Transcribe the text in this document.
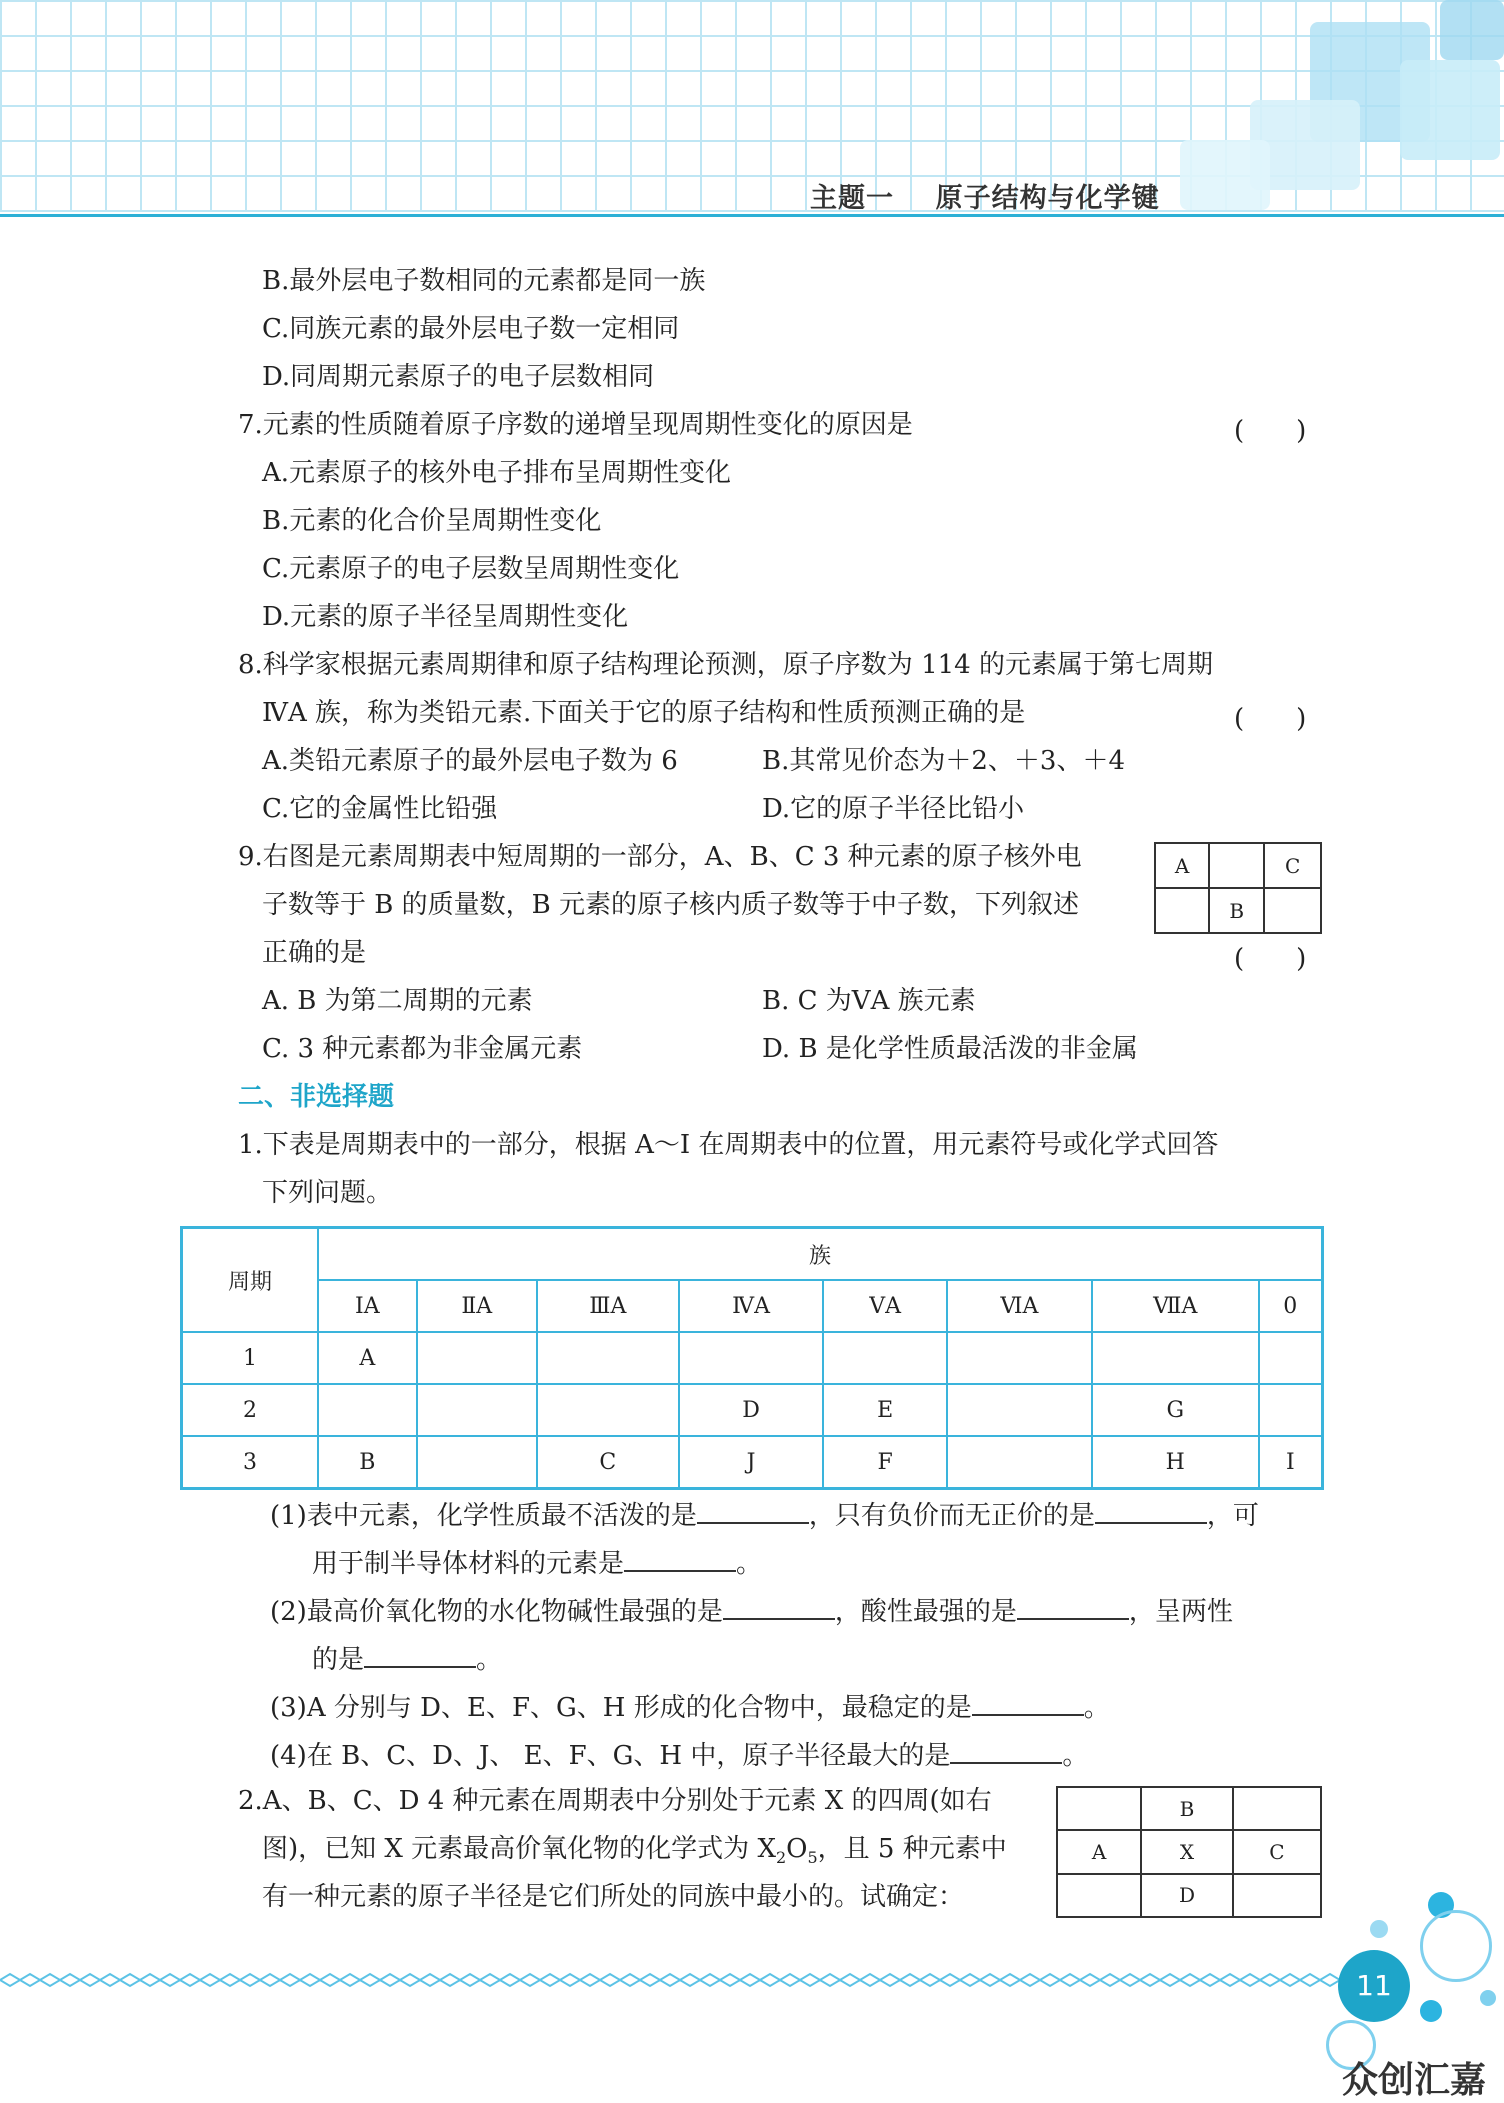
主题一 原子结构与化学键
B.最外层电子数相同的元素都是同一族
C.同族元素的最外层电子数一定相同
D.同周期元素原子的电子层数相同
7.元素的性质随着原子序数的递增呈现周期性变化的原因是	(　　)
A.元素原子的核外电子排布呈周期性变化
B.元素的化合价呈周期性变化
C.元素原子的电子层数呈周期性变化
D.元素的原子半径呈周期性变化
8.科学家根据元素周期律和原子结构理论预测，原子序数为 114 的元素属于第七周期
ⅣA 族，称为类铅元素.下面关于它的原子结构和性质预测正确的是	(　　)
A.类铅元素原子的最外层电子数为 6	B.其常见价态为＋2、＋3、＋4
C.它的金属性比铅强	D.它的原子半径比铅小
9.右图是元素周期表中短周期的一部分，A、B、C 3 种元素的原子核外电
子数等于 B 的质量数，B 元素的原子核内质子数等于中子数，下列叙述
正确的是	(　　)
A		C
	B	
A. B 为第二周期的元素	B. C 为ⅤA 族元素
C. 3 种元素都为非金属元素	D. B 是化学性质最活泼的非金属
二、非选择题
1.下表是周期表中的一部分，根据 A～I 在周期表中的位置，用元素符号或化学式回答
下列问题。
周期	族							
	ⅠA	ⅡA	ⅢA	ⅣA	ⅤA	ⅥA	ⅦA	0
1	A							
2				D	E		G	
3	B		C	J	F		H	I
(1)表中元素，化学性质最不活泼的是	，只有负价而无正价的是	，可
用于制半导体材料的元素是	。
(2)最高价氧化物的水化物碱性最强的是	，酸性最强的是	，呈两性
的是	。
(3)A 分别与 D、E、F、G、H 形成的化合物中，最稳定的是	。
(4)在 B、C、D、J、 E、F、G、H 中，原子半径最大的是	。
2.A、B、C、D 4 种元素在周期表中分别处于元素 X 的四周(如右
图)，已知 X 元素最高价氧化物的化学式为 $X_2O_5$，且 5 种元素中
有一种元素的原子半径是它们所处的同族中最小的。试确定：
	B	
A	X	C
	D	
11
众创汇嘉
